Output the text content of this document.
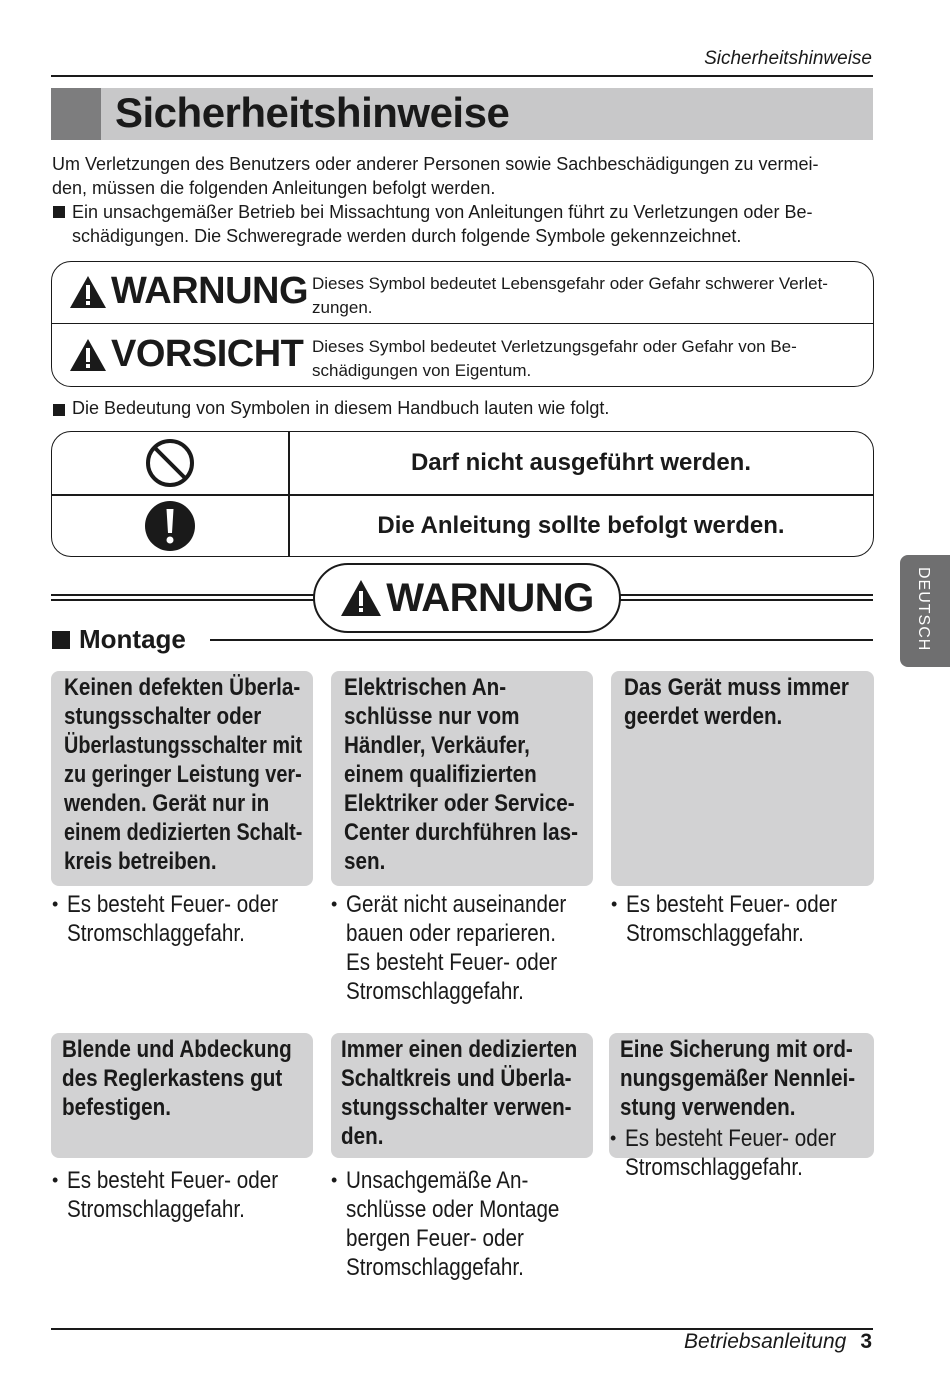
Sicherheitshinweise
Sicherheitshinweise
Um Verletzungen des Benutzers oder anderer Personen sowie Sachbeschädigungen zu vermei-
den, müssen die folgenden Anleitungen befolgt werden.
Ein unsachgemäßer Betrieb bei Missachtung von Anleitungen führt zu Verletzungen oder Be-
schädigungen. Die Schweregrade werden durch folgende Symbole gekennzeichnet.
WARNUNG Dieses Symbol bedeutet Lebensgefahr oder Gefahr schwerer Verlet-
zungen.
VORSICHT Dieses Symbol bedeutet Verletzungsgefahr oder Gefahr von Be-
schädigungen von Eigentum.
Die Bedeutung von Symbolen in diesem Handbuch lauten wie folgt.
Darf nicht ausgeführt werden.
Die Anleitung sollte befolgt werden.
DEUTSCH
WARNUNG
Montage
Keinen defekten Überla-
stungsschalter oder
Überlastungsschalter mit
zu geringer Leistung ver-
wenden. Gerät nur in
einem dedizierten Schalt-
kreis betreiben.
• Es besteht Feuer- oder
Stromschlaggefahr.
Elektrischen An-
schlüsse nur vom
Händler, Verkäufer,
einem qualifizierten
Elektriker oder Service-
Center durchführen las-
sen.
• Gerät nicht auseinander
bauen oder reparieren.
Es besteht Feuer- oder
Stromschlaggefahr.
Das Gerät muss immer
geerdet werden.
• Es besteht Feuer- oder
Stromschlaggefahr.
Blende und Abdeckung
des Reglerkastens gut
befestigen.
• Es besteht Feuer- oder
Stromschlaggefahr.
Immer einen dedizierten
Schaltkreis und Überla-
stungsschalter verwen-
den.
• Unsachgemäße An-
schlüsse oder Montage
bergen Feuer- oder
Stromschlaggefahr.
Eine Sicherung mit ord-
nungsgemäßer Nennlei-
stung verwenden.
• Es besteht Feuer- oder
Stromschlaggefahr.
Betriebsanleitung 3
